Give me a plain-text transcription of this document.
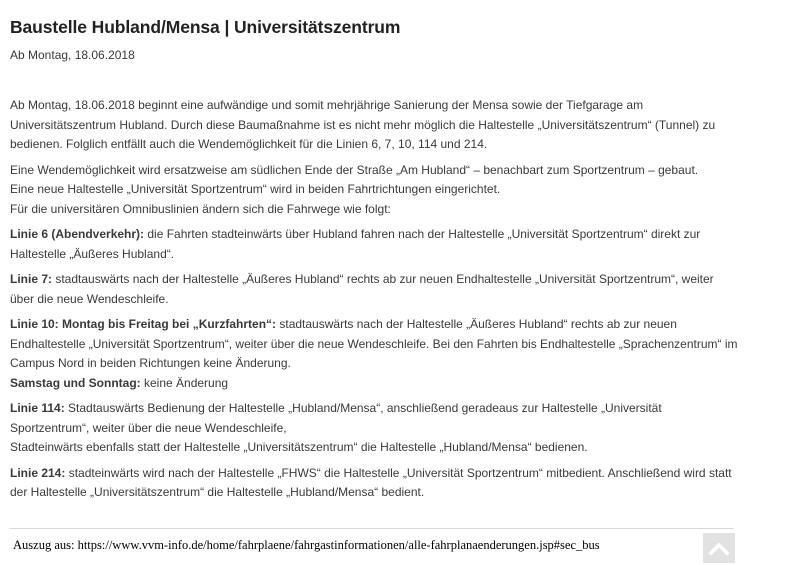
Baustelle Hubland/Mensa | Universitätszentrum
Ab Montag, 18.06.2018

Ab Montag, 18.06.2018 beginnt eine aufwändige und somit mehrjährige Sanierung der Mensa sowie der Tiefgarage am Universitätszentrum Hubland. Durch diese Baumaßnahme ist es nicht mehr möglich die Haltestelle „Universitätszentrum“ (Tunnel) zu bedienen. Folglich entfällt auch die Wendemöglichkeit für die Linien 6, 7, 10, 114 und 214.

Eine Wendemöglichkeit wird ersatzweise am südlichen Ende der Straße „Am Hubland“ – benachbart zum Sportzentrum – gebaut.
Eine neue Haltestelle „Universität Sportzentrum“ wird in beiden Fahrtrichtungen eingerichtet.
Für die universitären Omnibuslinien ändern sich die Fahrwege wie folgt:

Linie 6 (Abendverkehr): die Fahrten stadteinwärts über Hubland fahren nach der Haltestelle „Universität Sportzentrum“ direkt zur Haltestelle „Äußeres Hubland“.

Linie 7: stadtauswärts nach der Haltestelle „Äußeres Hubland“ rechts ab zur neuen Endhaltestelle „Universität Sportzentrum“, weiter über die neue Wendeschleife.

Linie 10: Montag bis Freitag bei „Kurzfahrten“: stadtauswärts nach der Haltestelle „Äußeres Hubland“ rechts ab zur neuen Endhaltestelle „Universität Sportzentrum“, weiter über die neue Wendeschleife. Bei den Fahrten bis Endhaltestelle „Sprachenzentrum“ im Campus Nord in beiden Richtungen keine Änderung.
Samstag und Sonntag: keine Änderung

Linie 114: Stadtauswärts Bedienung der Haltestelle „Hubland/Mensa“, anschließend geradeaus zur Haltestelle „Universität Sportzentrum“, weiter über die neue Wendeschleife,
Stadteinwärts ebenfalls statt der Haltestelle „Universitätszentrum“ die Haltestelle „Hubland/Mensa“ bedienen.

Linie 214: stadteinwärts wird nach der Haltestelle „FHWS“ die Haltestelle „Universität Sportzentrum“ mitbedient. Anschließend wird statt der Haltestelle „Universitätszentrum“ die Haltestelle „Hubland/Mensa“ bedient.

Auszug aus: https://www.vvm-info.de/home/fahrplaene/fahrgastinformationen/alle-fahrplanaenderungen.jsp#sec_bus
